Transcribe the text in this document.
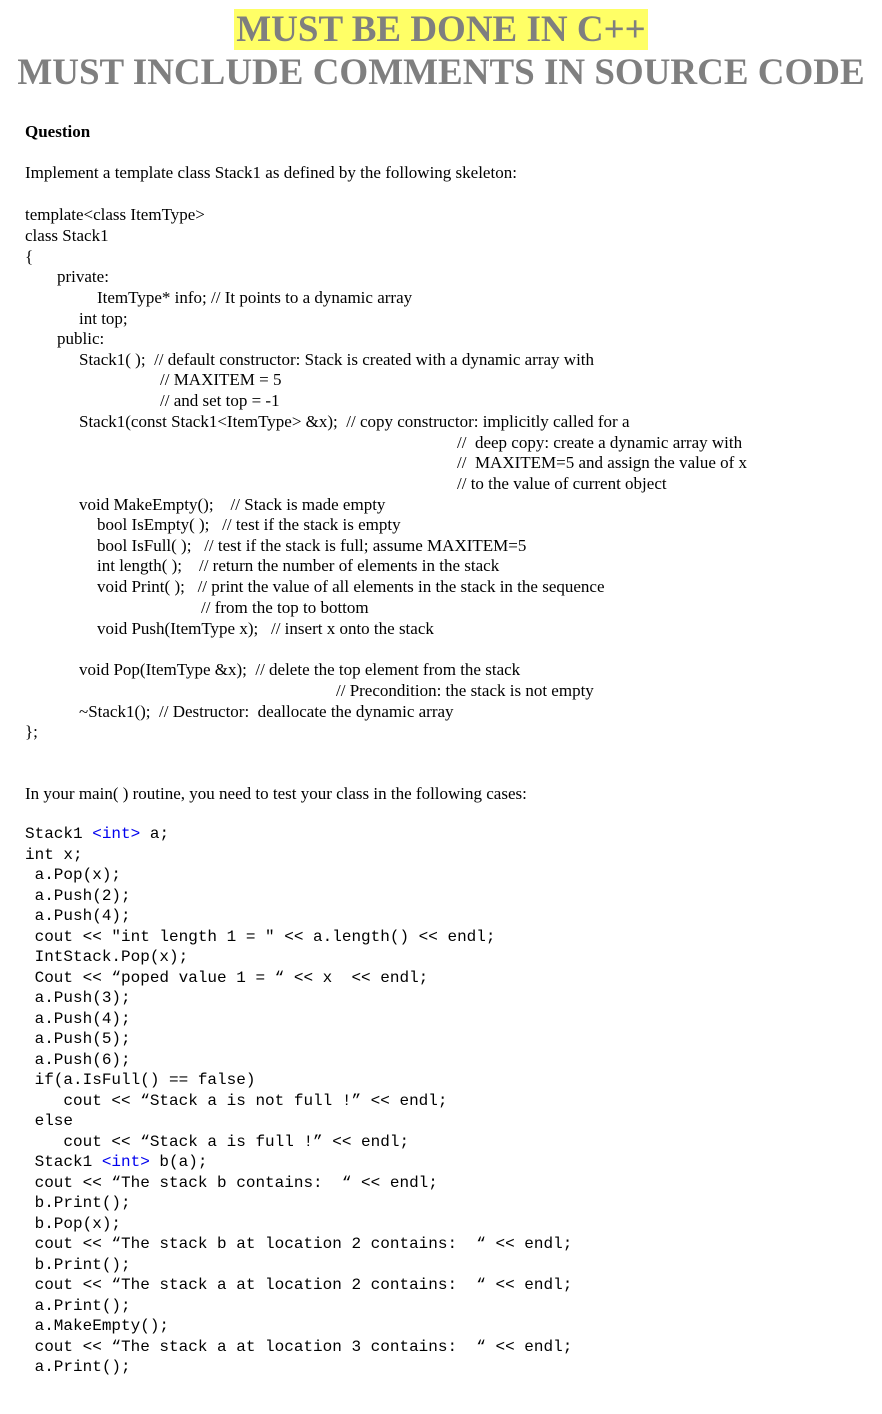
MUST BE DONE IN C++
MUST INCLUDE COMMENTS IN SOURCE CODE
Question
Implement a template class Stack1 as defined by the following skeleton:
template<class ItemType>
class Stack1
{
private:
ItemType* info; // It points to a dynamic array
int top;
public:
Stack1( );  // default constructor: Stack is created with a dynamic array with
// MAXITEM = 5
// and set top = -1
Stack1(const Stack1<ItemType> &x);  // copy constructor: implicitly called for a
//  deep copy: create a dynamic array with
//  MAXITEM=5 and assign the value of x
// to the value of current object
void MakeEmpty();    // Stack is made empty
bool IsEmpty( );   // test if the stack is empty
bool IsFull( );   // test if the stack is full; assume MAXITEM=5
int length( );    // return the number of elements in the stack
void Print( );   // print the value of all elements in the stack in the sequence
// from the top to bottom
void Push(ItemType x);   // insert x onto the stack
void Pop(ItemType &x);  // delete the top element from the stack
// Precondition: the stack is not empty
~Stack1();  // Destructor:  deallocate the dynamic array
};
In your main( ) routine, you need to test your class in the following cases:
Stack1 <int> a;
int x;
a.Pop(x);
a.Push(2);
a.Push(4);
cout << "int length 1 = " << a.length() << endl;
IntStack.Pop(x);
Cout << “poped value 1 = “ << x  << endl;
a.Push(3);
a.Push(4);
a.Push(5);
a.Push(6);
if(a.IsFull() == false)
cout << “Stack a is not full !” << endl;
else
cout << “Stack a is full !” << endl;
Stack1 <int> b(a);
cout << “The stack b contains:  “ << endl;
b.Print();
b.Pop(x);
cout << “The stack b at location 2 contains:  “ << endl;
b.Print();
cout << “The stack a at location 2 contains:  “ << endl;
a.Print();
a.MakeEmpty();
cout << “The stack a at location 3 contains:  “ << endl;
a.Print();
